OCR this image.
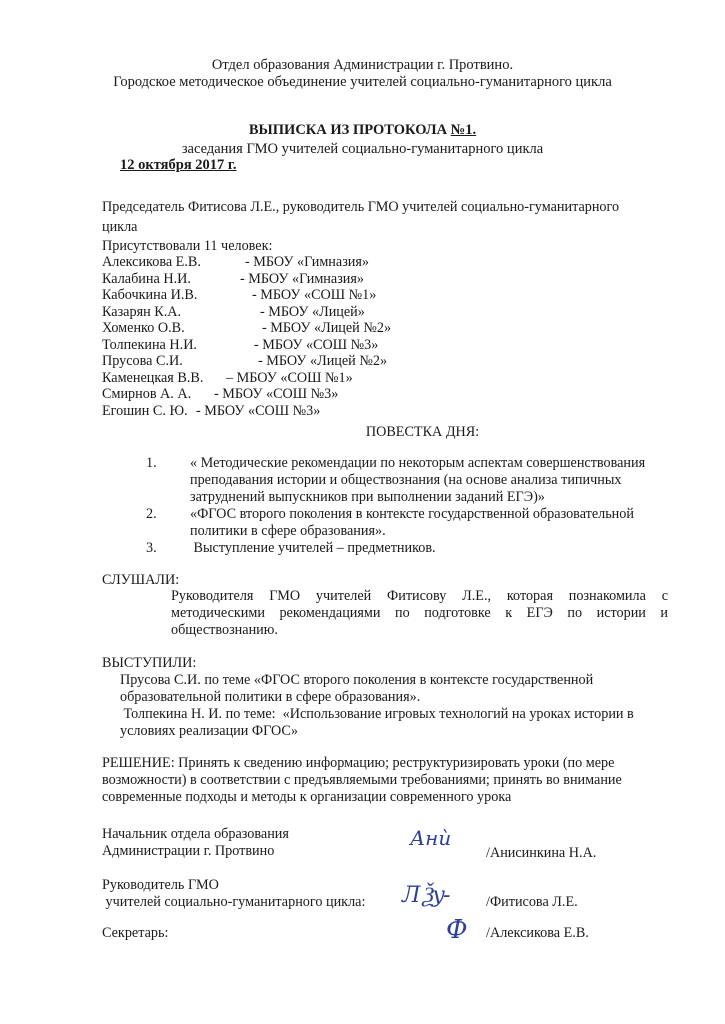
Отдел образования Администрации г. Протвино.
Городское методическое объединение учителей социально-гуманитарного цикла
ВЫПИСКА ИЗ ПРОТОКОЛА №1.
заседания ГМО учителей социально-гуманитарного цикла
12 октября 2017 г.
Председатель Фитисова Л.Е., руководитель ГМО учителей социально-гуманитарного
цикла
Присутствовали 11 человек:
Алексикова Е.В.	- МБОУ «Гимназия»
Калабина Н.И.	- МБОУ «Гимназия»
Кабочкина И.В.	- МБОУ «СОШ №1»
Казарян К.А.	- МБОУ «Лицей»
Хоменко О.В.	- МБОУ «Лицей №2»
Толпекина Н.И.	- МБОУ «СОШ №3»
Прусова С.И.	- МБОУ «Лицей №2»
Каменецкая В.В.	– МБОУ «СОШ №1»
Смирнов А. А.	- МБОУ «СОШ №3»
Егошин С. Ю. - МБОУ «СОШ №3»
ПОВЕСТКА ДНЯ:
1.	« Методические рекомендации по некоторым аспектам совершенствования преподавания истории и обществознания (на основе анализа типичных затруднений выпускников при выполнении заданий ЕГЭ)»
2.	«ФГОС второго поколения в контексте государственной образовательной политики в сфере образования».
3.	Выступление учителей – предметников.
СЛУШАЛИ:
Руководителя ГМО учителей Фитисову Л.Е., которая познакомила с методическими рекомендациями по подготовке к ЕГЭ по истории и обществознанию.
ВЫСТУПИЛИ:
Прусова С.И. по теме «ФГОС второго поколения в контексте государственной образовательной политики в сфере образования».
Толпекина Н. И. по теме:  «Использование игровых технологий на уроках истории в условиях реализации ФГОС»
РЕШЕНИЕ: Принять к сведению информацию; реструктуризировать уроки (по мере возможности) в соответствии с предъявляемыми требованиями; принять во внимание современные подходы и методы к организации современного урока
Начальник отдела образования
Администрации г. Протвино
Анѝ
/Анисинкина Н.А.
Руководитель ГМО
учителей социально-гуманитарного цикла: Л Ѯу-	/Фитисова Л.Е.
Секретарь:	Ф /Алексикова Е.В.
